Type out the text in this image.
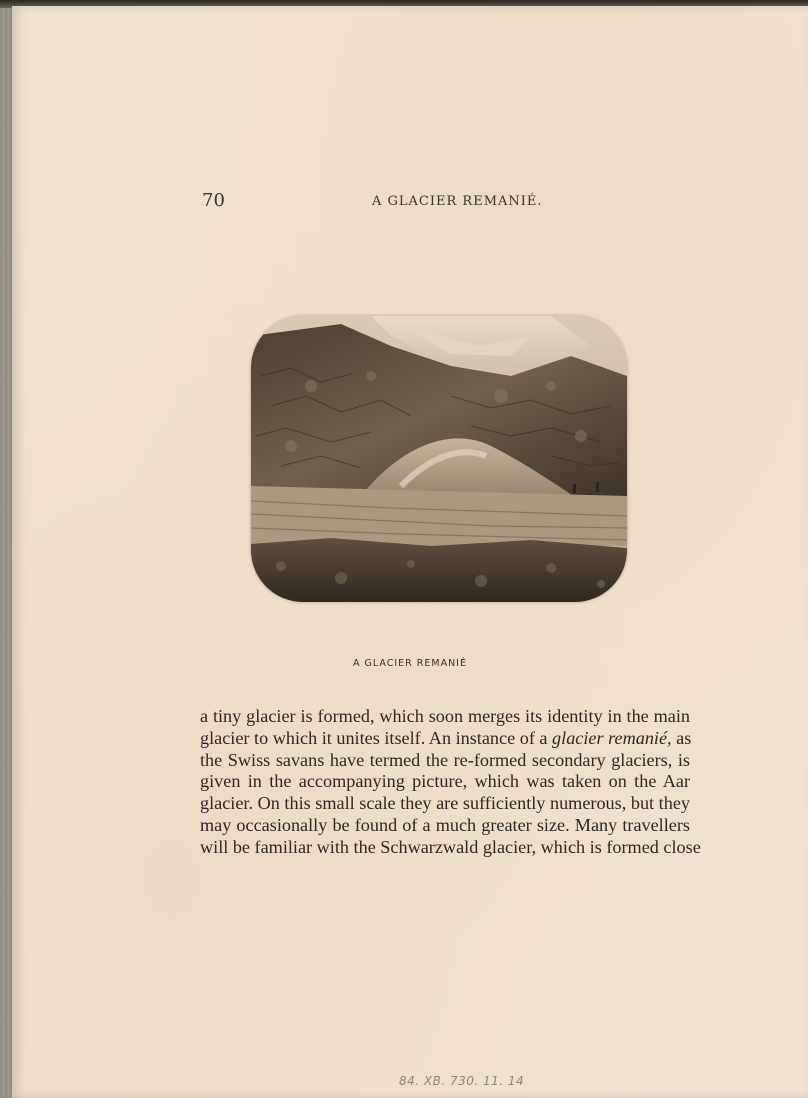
70	A GLACIER REMANIÉ.
A GLACIER REMANIÉ
a tiny glacier is formed, which soon merges its identity in the main
glacier to which it unites itself. An instance of a glacier remanié, as
the Swiss savans have termed the re-formed secondary glaciers, is
given in the accompanying picture, which was taken on the Aar
glacier. On this small scale they are sufficiently numerous, but they
may occasionally be found of a much greater size. Many travellers
will be familiar with the Schwarzwald glacier, which is formed close
84. XB. 730. 11. 14
